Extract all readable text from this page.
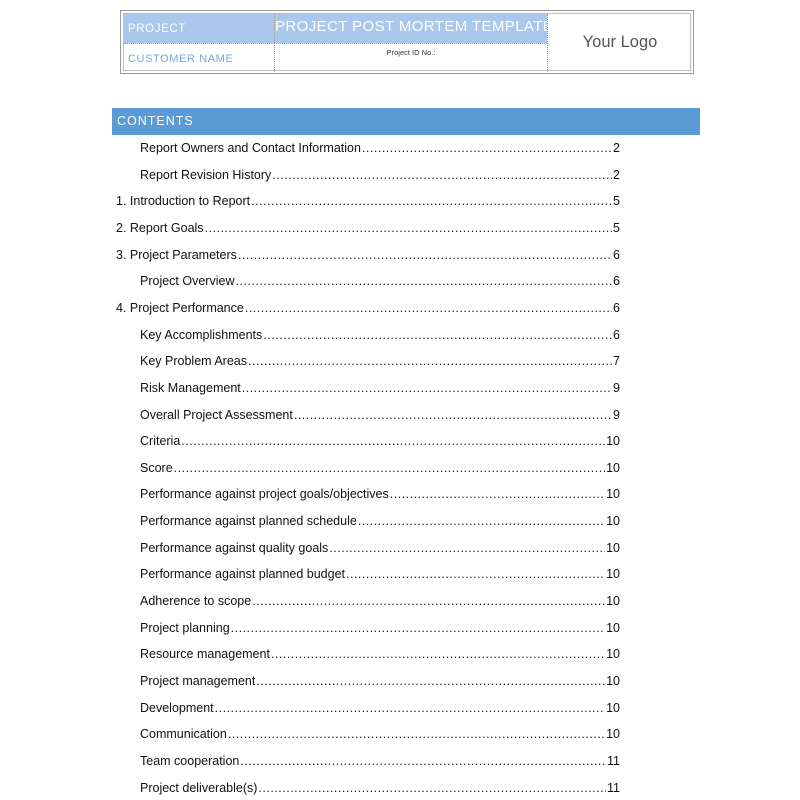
PROJECT
CUSTOMER NAME
PROJECT POST MORTEM TEMPLATE
Project ID No.:
Your Logo
CONTENTS
Report Owners and Contact Information .....	2
Report Revision History .....	2
1. Introduction to Report .....	5
2. Report Goals .....	5
3. Project Parameters .....	6
Project Overview .....	6
4. Project Performance .....	6
Key Accomplishments .....	6
Key Problem Areas .....	7
Risk Management .....	9
Overall Project Assessment .....	9
Criteria .....	10
Score .....	10
Performance against project goals/objectives .....	10
Performance against planned schedule .....	10
Performance against quality goals .....	10
Performance against planned budget .....	10
Adherence to scope .....	10
Project planning .....	10
Resource management .....	10
Project management .....	10
Development .....	10
Communication .....	10
Team cooperation .....	11
Project deliverable(s) .....	11
